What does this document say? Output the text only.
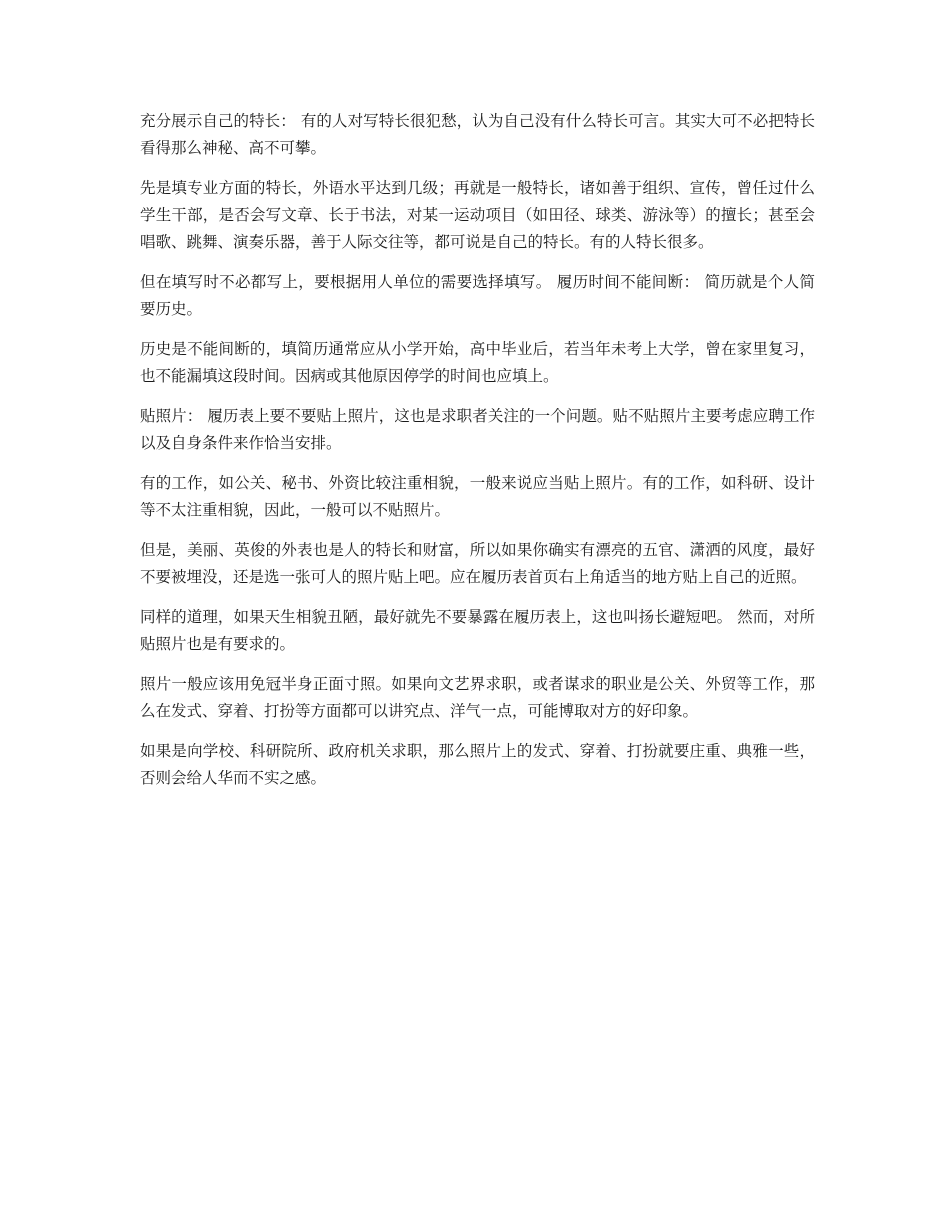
充分展示自己的特长： 有的人对写特长很犯愁，认为自己没有什么特长可言。其实大可不必把特长看得那么神秘、高不可攀。

先是填专业方面的特长，外语水平达到几级；再就是一般特长，诸如善于组织、宣传，曾任过什么学生干部，是否会写文章、长于书法，对某一运动项目（如田径、球类、游泳等）的擅长；甚至会唱歌、跳舞、演奏乐器，善于人际交往等，都可说是自己的特长。有的人特长很多。

但在填写时不必都写上，要根据用人单位的需要选择填写。 履历时间不能间断： 简历就是个人简要历史。

历史是不能间断的，填简历通常应从小学开始，高中毕业后，若当年未考上大学，曾在家里复习，也不能漏填这段时间。因病或其他原因停学的时间也应填上。

贴照片： 履历表上要不要贴上照片，这也是求职者关注的一个问题。贴不贴照片主要考虑应聘工作以及自身条件来作恰当安排。

有的工作，如公关、秘书、外资比较注重相貌，一般来说应当贴上照片。有的工作，如科研、设计等不太注重相貌，因此，一般可以不贴照片。

但是，美丽、英俊的外表也是人的特长和财富，所以如果你确实有漂亮的五官、潇洒的风度，最好不要被埋没，还是选一张可人的照片贴上吧。应在履历表首页右上角适当的地方贴上自己的近照。

同样的道理，如果天生相貌丑陋，最好就先不要暴露在履历表上，这也叫扬长避短吧。 然而，对所贴照片也是有要求的。

照片一般应该用免冠半身正面寸照。如果向文艺界求职，或者谋求的职业是公关、外贸等工作，那么在发式、穿着、打扮等方面都可以讲究点、洋气一点，可能博取对方的好印象。

如果是向学校、科研院所、政府机关求职，那么照片上的发式、穿着、打扮就要庄重、典雅一些，否则会给人华而不实之感。
